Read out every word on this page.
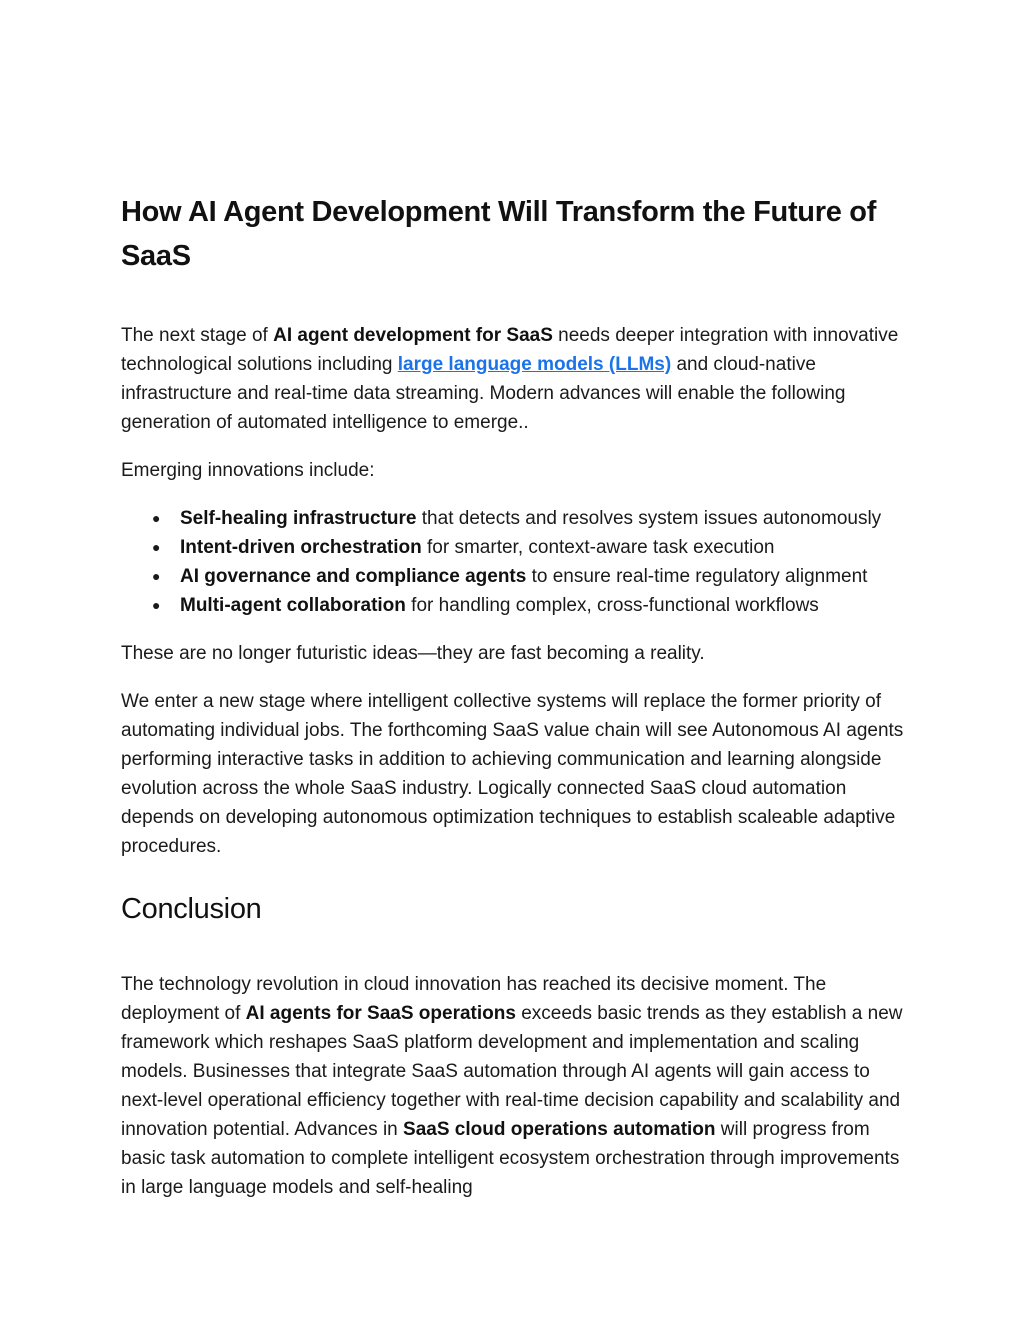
How AI Agent Development Will Transform the Future of SaaS

The next stage of AI agent development for SaaS needs deeper integration with innovative technological solutions including large language models (LLMs) and cloud-native infrastructure and real-time data streaming. Modern advances will enable the following generation of automated intelligence to emerge..

Emerging innovations include:

● Self-healing infrastructure that detects and resolves system issues autonomously
● Intent-driven orchestration for smarter, context-aware task execution
● AI governance and compliance agents to ensure real-time regulatory alignment
● Multi-agent collaboration for handling complex, cross-functional workflows

These are no longer futuristic ideas—they are fast becoming a reality.

We enter a new stage where intelligent collective systems will replace the former priority of automating individual jobs. The forthcoming SaaS value chain will see Autonomous AI agents performing interactive tasks in addition to achieving communication and learning alongside evolution across the whole SaaS industry. Logically connected SaaS cloud automation depends on developing autonomous optimization techniques to establish scaleable adaptive procedures.

Conclusion

The technology revolution in cloud innovation has reached its decisive moment. The deployment of AI agents for SaaS operations exceeds basic trends as they establish a new framework which reshapes SaaS platform development and implementation and scaling models. Businesses that integrate SaaS automation through AI agents will gain access to next-level operational efficiency together with real-time decision capability and scalability and innovation potential. Advances in SaaS cloud operations automation will progress from basic task automation to complete intelligent ecosystem orchestration through improvements in large language models and self-healing
